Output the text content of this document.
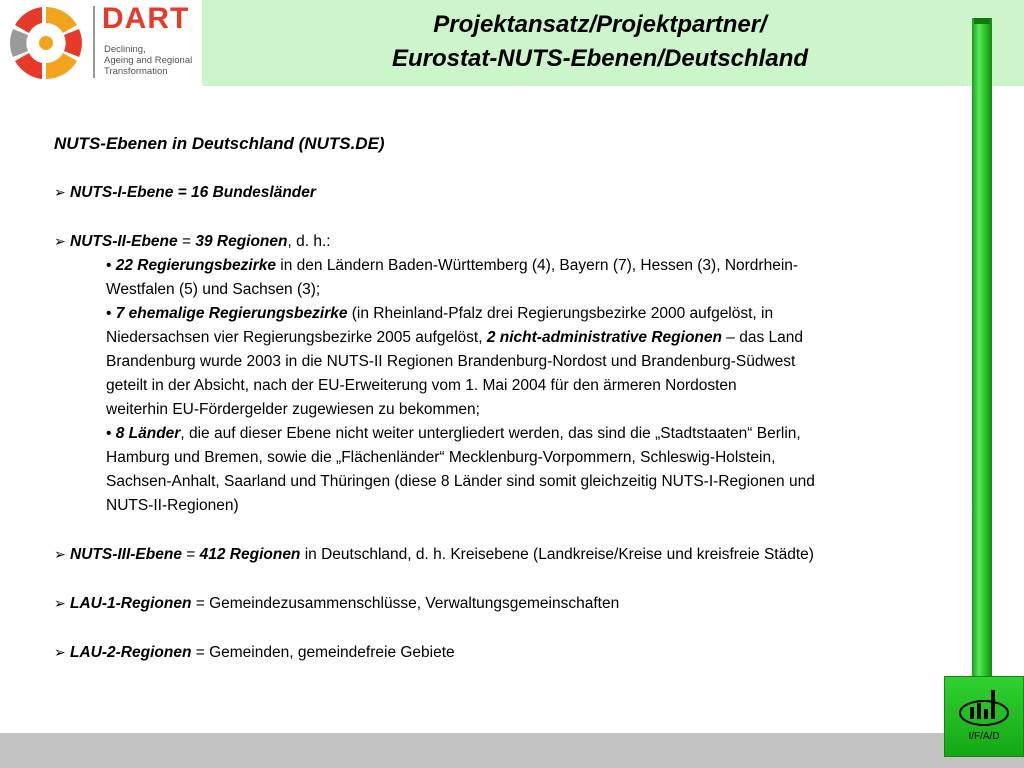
DART
Declining,
Ageing and Regional
Transformation
Projektansatz/Projektpartner/
Eurostat-NUTS-Ebenen/Deutschland
NUTS-Ebenen in Deutschland (NUTS.DE)
➢ NUTS-I-Ebene = 16 Bundesländer
➢ NUTS-II-Ebene = 39 Regionen, d. h.:
• 22 Regierungsbezirke in den Ländern Baden-Württemberg (4), Bayern (7), Hessen (3), Nordrhein-
Westfalen (5) und Sachsen (3);
• 7 ehemalige Regierungsbezirke (in Rheinland-Pfalz drei Regierungsbezirke 2000 aufgelöst, in
Niedersachsen vier Regierungsbezirke 2005 aufgelöst, 2 nicht-administrative Regionen – das Land
Brandenburg wurde 2003 in die NUTS-II Regionen Brandenburg-Nordost und Brandenburg-Südwest
geteilt in der Absicht, nach der EU-Erweiterung vom 1. Mai 2004 für den ärmeren Nordosten
weiterhin EU-Fördergelder zugewiesen zu bekommen;
• 8 Länder, die auf dieser Ebene nicht weiter untergliedert werden, das sind die „Stadtstaaten“ Berlin,
Hamburg und Bremen, sowie die „Flächenländer“ Mecklenburg-Vorpommern, Schleswig-Holstein,
Sachsen-Anhalt, Saarland und Thüringen (diese 8 Länder sind somit gleichzeitig NUTS-I-Regionen und
NUTS-II-Regionen)
➢ NUTS-III-Ebene = 412 Regionen in Deutschland, d. h. Kreisebene (Landkreise/Kreise und kreisfreie Städte)
➢ LAU-1-Regionen = Gemeindezusammenschlüsse, Verwaltungsgemeinschaften
➢ LAU-2-Regionen = Gemeinden, gemeindefreie Gebiete
I/F/A/D
